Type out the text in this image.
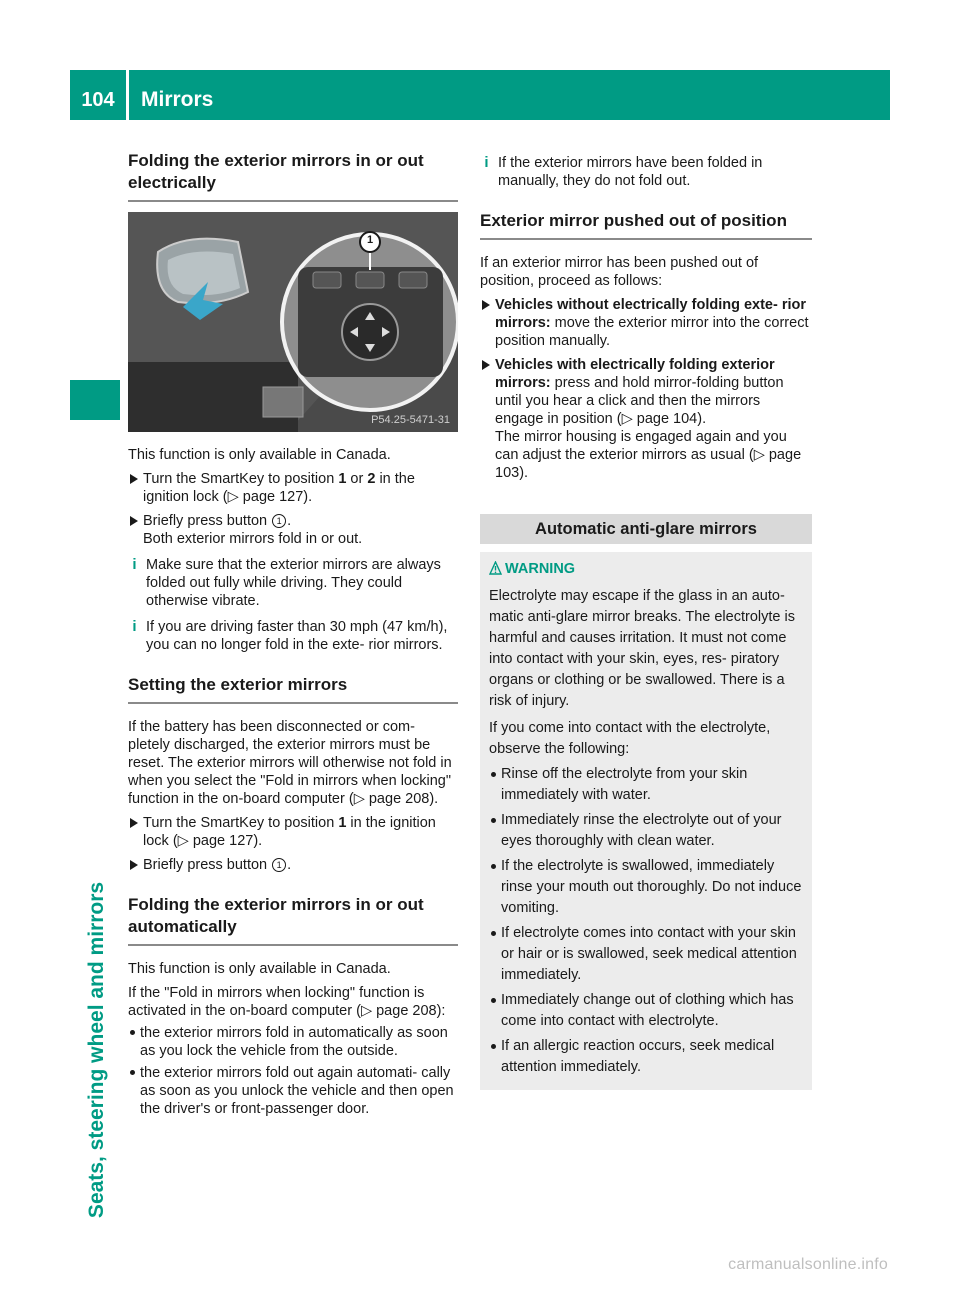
104	Mirrors
Seats, steering wheel and mirrors
Folding the exterior mirrors in or out electrically
1
P54.25-5471-31

This function is only available in Canada.

Turn the SmartKey to position 1 or 2 in the ignition lock (▷ page 127).
Briefly press button 1 .
Both exterior mirrors fold in or out.
i Make sure that the exterior mirrors are always folded out fully while driving. They could otherwise vibrate.
i If you are driving faster than 30 mph (47 km/h), you can no longer fold in the exte‐ rior mirrors.
Setting the exterior mirrors

If the battery has been disconnected or com‐ pletely discharged, the exterior mirrors must be reset. The exterior mirrors will otherwise not fold in when you select the "Fold in mirrors when locking" function in the on-board computer (▷ page 208).

Turn the SmartKey to position 1 in the ignition lock (▷ page 127).
Briefly press button 1 .
Folding the exterior mirrors in or out automatically

This function is only available in Canada.

If the "Fold in mirrors when locking" function is activated in the on-board computer (▷ page 208):

the exterior mirrors fold in automatically as soon as you lock the vehicle from the outside.
the exterior mirrors fold out again automati‐ cally as soon as you unlock the vehicle and then open the driver's or front-passenger door.
i If the exterior mirrors have been folded in manually, they do not fold out.
Exterior mirror pushed out of position

If an exterior mirror has been pushed out of position, proceed as follows:

Vehicles without electrically folding exte‐ rior mirrors: move the exterior mirror into the correct position manually.
Vehicles with electrically folding exterior mirrors: press and hold mirror-folding button until you hear a click and then the mirrors engage in position (▷ page 104).
The mirror housing is engaged again and you can adjust the exterior mirrors as usual (▷ page 103).
Automatic anti-glare mirrors
WARNING

Electrolyte may escape if the glass in an auto‐ matic anti-glare mirror breaks. The electrolyte is harmful and causes irritation. It must not come into contact with your skin, eyes, res‐ piratory organs or clothing or be swallowed. There is a risk of injury.

If you come into contact with the electrolyte, observe the following:

Rinse off the electrolyte from your skin immediately with water.
Immediately rinse the electrolyte out of your eyes thoroughly with clean water.
If the electrolyte is swallowed, immediately rinse your mouth out thoroughly. Do not induce vomiting.
If electrolyte comes into contact with your skin or hair or is swallowed, seek medical attention immediately.
Immediately change out of clothing which has come into contact with electrolyte.
If an allergic reaction occurs, seek medical attention immediately.
carmanualsonline.info
